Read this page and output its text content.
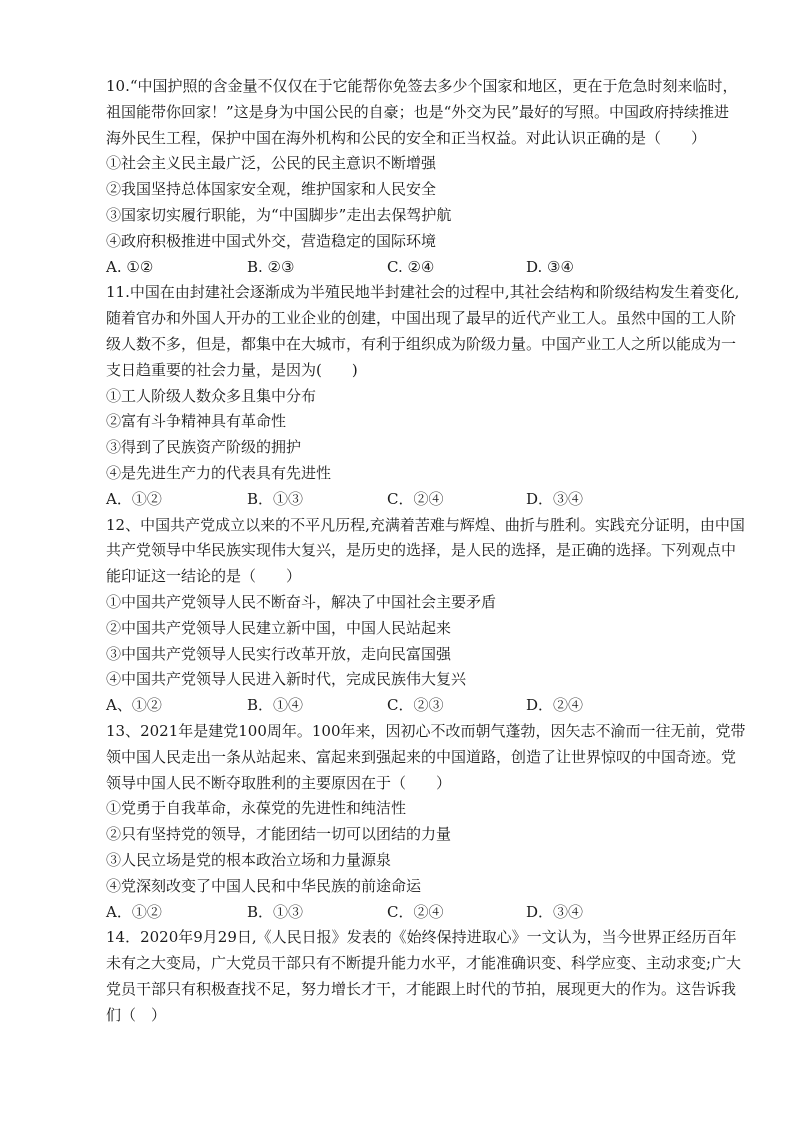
10.“中国护照的含金量不仅仅在于它能帮你免签去多少个国家和地区，更在于危急时刻来临时，
祖国能带你回家！”这是身为中国公民的自豪；也是“外交为民”最好的写照。中国政府持续推进
海外民生工程，保护中国在海外机构和公民的安全和正当权益。对此认识正确的是（　　）

①社会主义民主最广泛，公民的民主意识不断增强
②我国坚持总体国家安全观，维护国家和人民安全
③国家切实履行职能，为“中国脚步”走出去保驾护航
④政府积极推进中国式外交，营造稳定的国际环境
A. ①②	B. ②③	C. ②④	D. ③④

11.中国在由封建社会逐渐成为半殖民地半封建社会的过程中,其社会结构和阶级结构发生着变化,
随着官办和外国人开办的工业企业的创建，中国出现了最早的近代产业工人。虽然中国的工人阶
级人数不多，但是，都集中在大城市，有利于组织成为阶级力量。中国产业工人之所以能成为一
支日趋重要的社会力量，是因为(　　)

①工人阶级人数众多且集中分布
②富有斗争精神具有革命性
③得到了民族资产阶级的拥护
④是先进生产力的代表具有先进性
A．①②	B．①③	C．②④	D．③④

12、中国共产党成立以来的不平凡历程,充满着苦难与辉煌、曲折与胜利。实践充分证明，由中国
共产党领导中华民族实现伟大复兴，是历史的选择，是人民的选择，是正确的选择。下列观点中
能印证这一结论的是（　　）

①中国共产党领导人民不断奋斗，解决了中国社会主要矛盾
②中国共产党领导人民建立新中国，中国人民站起来
③中国共产党领导人民实行改革开放，走向民富国强
④中国共产党领导人民进入新时代，完成民族伟大复兴
A、①②	B．①④	C．②③	D．②④

13、2021年是建党100周年。100年来，因初心不改而朝气蓬勃，因矢志不渝而一往无前，党带
领中国人民走出一条从站起来、富起来到强起来的中国道路，创造了让世界惊叹的中国奇迹。党
领导中国人民不断夺取胜利的主要原因在于（　　）

①党勇于自我革命，永葆党的先进性和纯洁性
②只有坚持党的领导，才能团结一切可以团结的力量
③人民立场是党的根本政治立场和力量源泉
④党深刻改变了中国人民和中华民族的前途命运
A．①②	B．①③	C．②④	D．③④

14．2020年9月29日,《人民日报》发表的《始终保持进取心》一文认为，当今世界正经历百年
未有之大变局，广大党员干部只有不断提升能力水平，才能准确识变、科学应变、主动求变;广大
党员干部只有积极查找不足，努力增长才干，才能跟上时代的节拍，展现更大的作为。这告诉我
们（　）
